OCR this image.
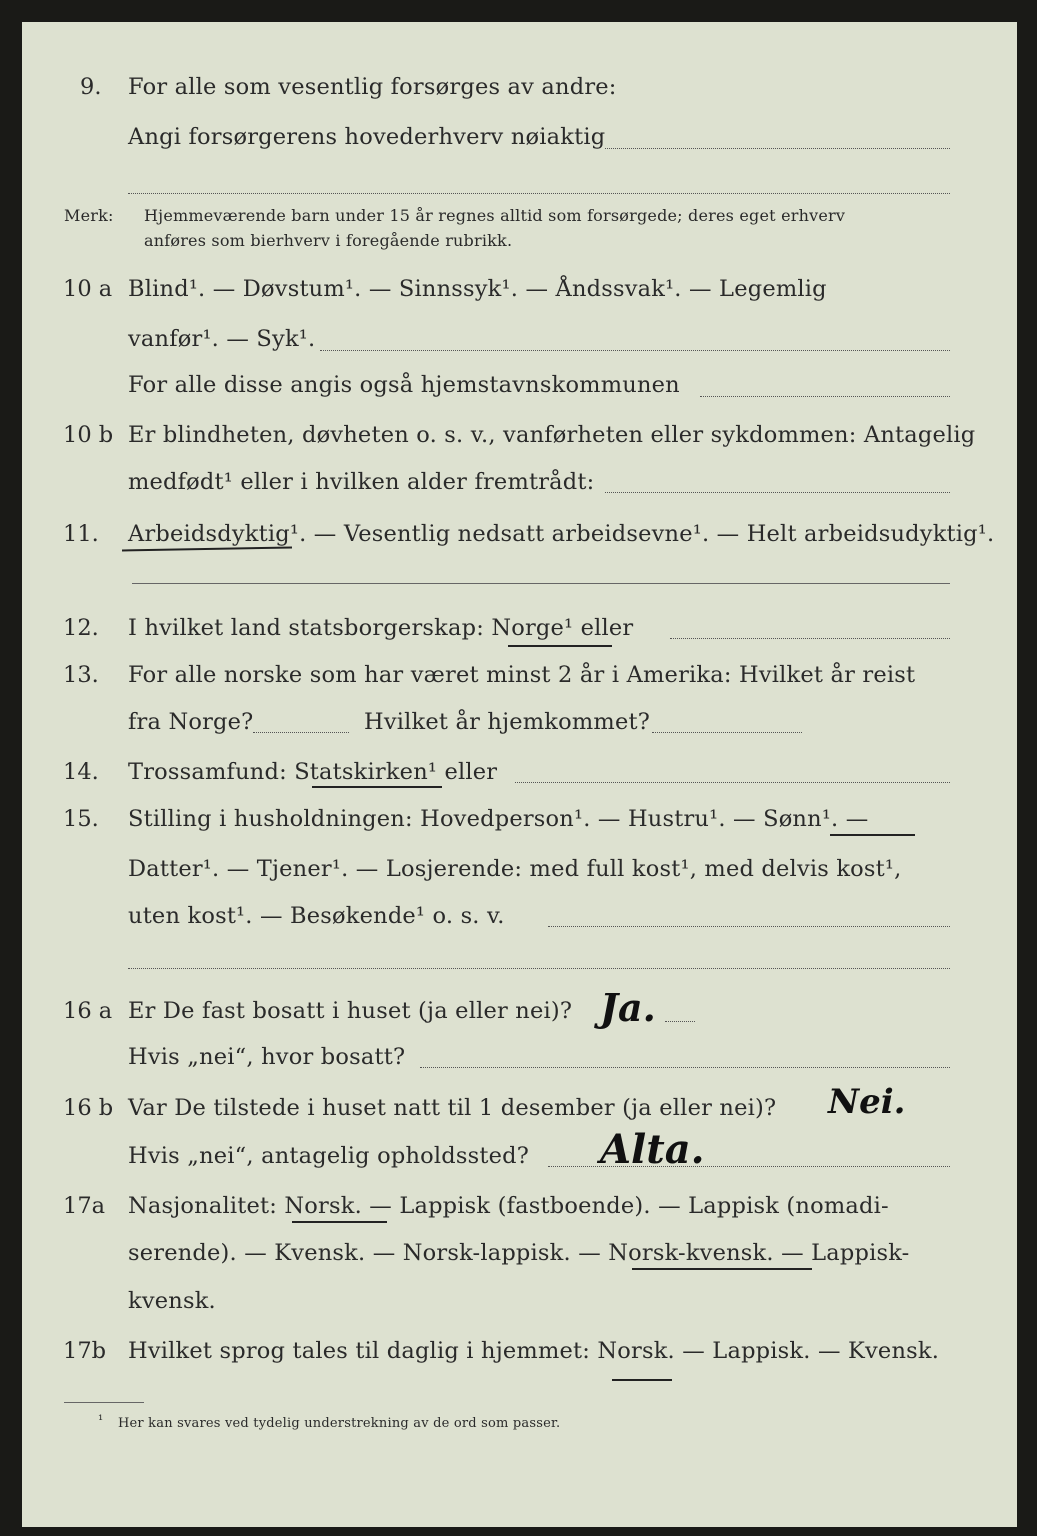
9. For alle som vesentlig forsørges av andre:
Angi forsørgerens hovederhverv nøiaktig
Merk: Hjemmeværende barn under 15 år regnes alltid som forsørgede; deres eget erhverv
anføres som bierhverv i foregående rubrikk.
10 a Blind¹. — Døvstum¹. — Sinnssyk¹. — Åndssvak¹. — Legemlig
vanfør¹. — Syk¹.
For alle disse angis også hjemstavnskommunen
10 b Er blindheten, døvheten o. s. v., vanførheten eller sykdommen: Antagelig
medfødt¹ eller i hvilken alder fremtrådt:
11. Arbeidsdyktig¹. — Vesentlig nedsatt arbeidsevne¹. — Helt arbeidsudyktig¹.
12. I hvilket land statsborgerskap: Norge¹ eller
13. For alle norske som har været minst 2 år i Amerika: Hvilket år reist
fra Norge?	Hvilket år hjemkommet?
14. Trossamfund: Statskirken¹ eller
15. Stilling i husholdningen: Hovedperson¹. — Hustru¹. — Sønn¹. —
Datter¹. — Tjener¹. — Losjerende: med full kost¹, med delvis kost¹,
uten kost¹. — Besøkende¹ o. s. v.
16 a Er De fast bosatt i huset (ja eller nei)? Ja.
Hvis „nei“, hvor bosatt?
16 b Var De tilstede i huset natt til 1 desember (ja eller nei)? Nei.
Hvis „nei“, antagelig opholdssted? Alta.
17a Nasjonalitet: Norsk. — Lappisk (fastboende). — Lappisk (nomadi-
serende). — Kvensk. — Norsk-lappisk. — Norsk-kvensk. — Lappisk-
kvensk.
17b Hvilket sprog tales til daglig i hjemmet: Norsk. — Lappisk. — Kvensk.
¹ Her kan svares ved tydelig understrekning av de ord som passer.
